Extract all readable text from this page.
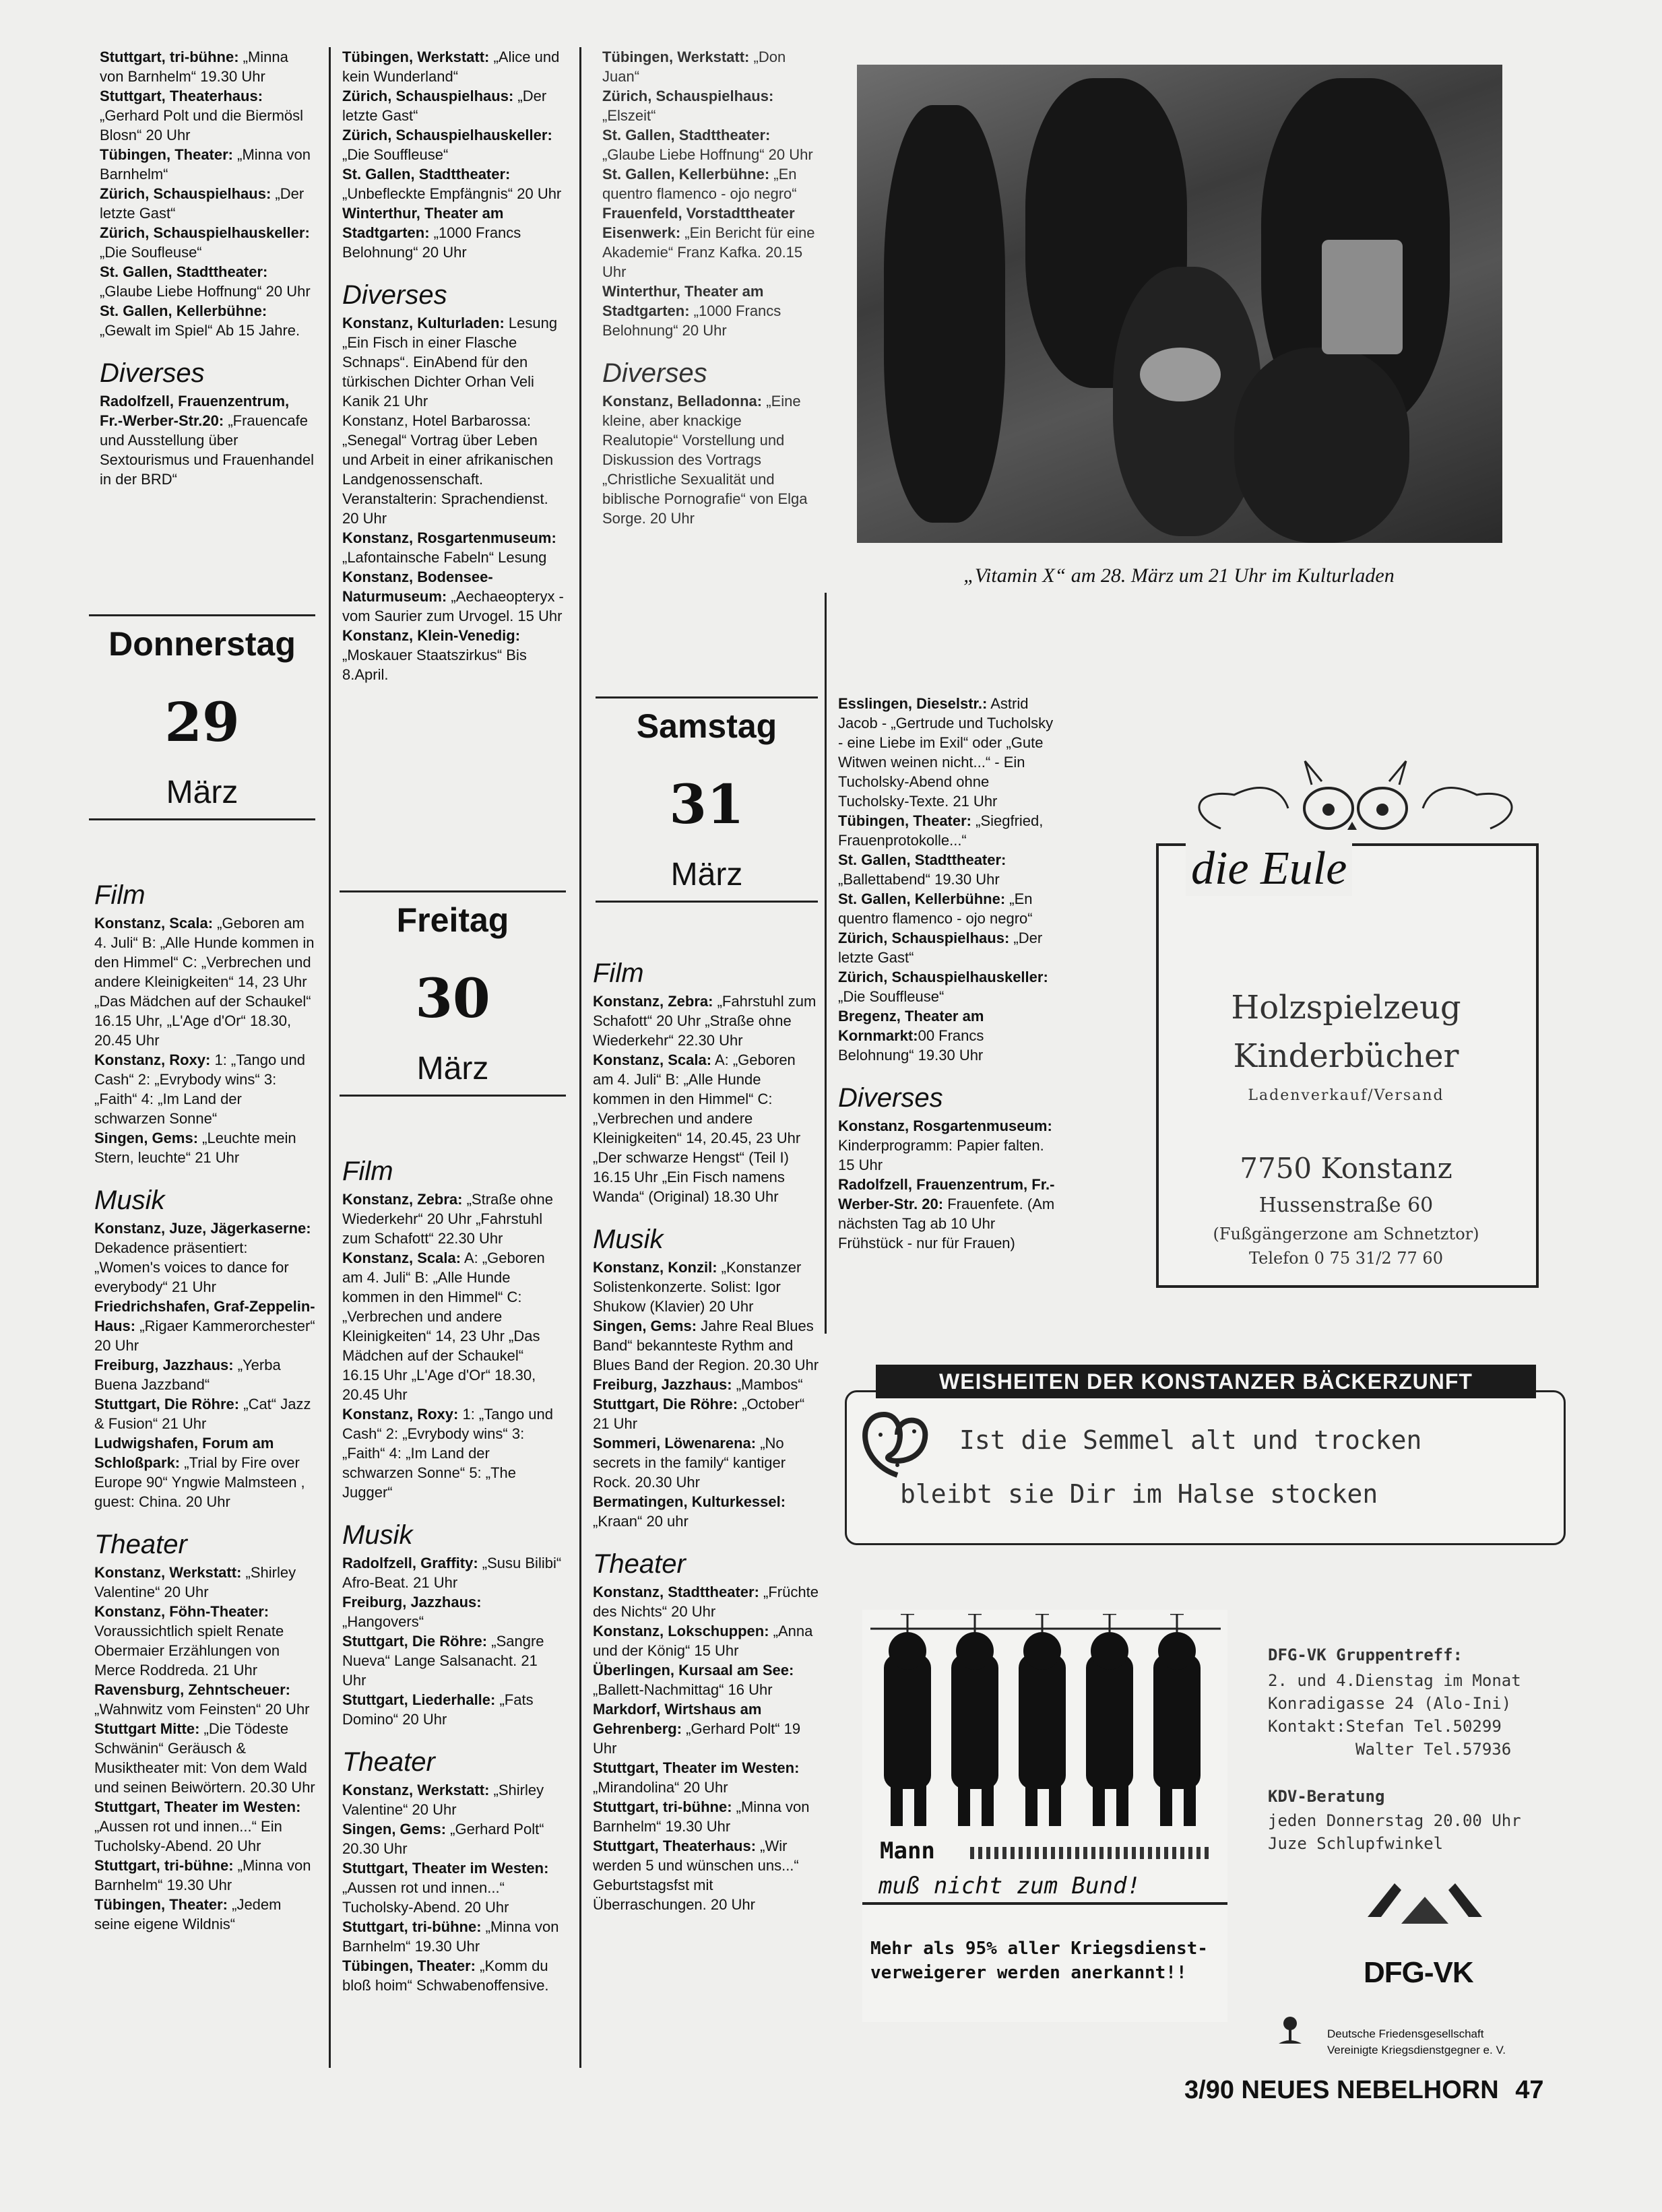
Stuttgart, tri-bühne: „Minna von Barnhelm“ 19.30 Uhr

Stuttgart, Theaterhaus: „Gerhard Polt und die Biermösl Blosn“ 20 Uhr

Tübingen, Theater: „Minna von Barnhelm“

Zürich, Schauspielhaus: „Der letzte Gast“

Zürich, Schauspielhauskeller: „Die Soufleuse“

St. Gallen, Stadttheater: „Glaube Liebe Hoffnung“ 20 Uhr

St. Gallen, Kellerbühne: „Gewalt im Spiel“ Ab 15 Jahre.

Diverses

Radolfzell, Frauenzentrum, Fr.-Werber-Str.20: „Frauencafe und Ausstellung über Sextourismus und Frauenhandel in der BRD“

Donnerstag
29
März
Film

Konstanz, Scala: „Geboren am 4. Juli“ B: „Alle Hunde kommen in den Himmel“ C: „Verbrechen und andere Kleinigkeiten“ 14, 23 Uhr „Das Mädchen auf der Schaukel“ 16.15 Uhr, „L'Age d'Or“ 18.30, 20.45 Uhr

Konstanz, Roxy: 1: „Tango und Cash“ 2: „Evrybody wins“ 3: „Faith“ 4: „Im Land der schwarzen Sonne“

Singen, Gems: „Leuchte mein Stern, leuchte“ 21 Uhr

Musik

Konstanz, Juze, Jägerkaserne: Dekadence präsentiert: „Women's voices to dance for everybody“ 21 Uhr

Friedrichshafen, Graf-Zeppelin-Haus: „Rigaer Kammerorchester“ 20 Uhr

Freiburg, Jazzhaus: „Yerba Buena Jazzband“

Stuttgart, Die Röhre: „Cat“ Jazz & Fusion“ 21 Uhr

Ludwigshafen, Forum am Schloßpark: „Trial by Fire over Europe 90“ Yngwie Malmsteen , guest: China. 20 Uhr

Theater

Konstanz, Werkstatt: „Shirley Valentine“ 20 Uhr

Konstanz, Föhn-Theater: Voraussichtlich spielt Renate Obermaier Erzählungen von Merce Roddreda. 21 Uhr

Ravensburg, Zehntscheuer: „Wahnwitz vom Feinsten“ 20 Uhr

Stuttgart Mitte: „Die Tödeste Schwänin“ Geräusch & Musiktheater mit: Von dem Wald und seinen Beiwörtern. 20.30 Uhr

Stuttgart, Theater im Westen: „Aussen rot und innen...“ Ein Tucholsky-Abend. 20 Uhr

Stuttgart, tri-bühne: „Minna von Barnhelm“ 19.30 Uhr

Tübingen, Theater: „Jedem seine eigene Wildnis“

Tübingen, Werkstatt: „Alice und kein Wunderland“

Zürich, Schauspielhaus: „Der letzte Gast“

Zürich, Schauspielhauskeller: „Die Souffleuse“

St. Gallen, Stadttheater: „Unbefleckte Empfängnis“ 20 Uhr

Winterthur, Theater am Stadtgarten: „1000 Francs Belohnung“ 20 Uhr

Diverses

Konstanz, Kulturladen: Lesung „Ein Fisch in einer Flasche Schnaps“. EinAbend für den türkischen Dichter Orhan Veli Kanik 21 Uhr

Konstanz, Hotel Barbarossa: „Senegal“ Vortrag über Leben und Arbeit in einer afrikanischen Landgenossenschaft. Veranstalterin: Sprachendienst. 20 Uhr

Konstanz, Rosgartenmuseum: „Lafontainsche Fabeln“ Lesung

Konstanz, Bodensee-Naturmuseum: „Aechaeopteryx - vom Saurier zum Urvogel. 15 Uhr

Konstanz, Klein-Venedig: „Moskauer Staatszirkus“ Bis 8.April.

Freitag
30
März
Film

Konstanz, Zebra: „Straße ohne Wiederkehr“ 20 Uhr „Fahrstuhl zum Schafott“ 22.30 Uhr

Konstanz, Scala: A: „Geboren am 4. Juli“ B: „Alle Hunde kommen in den Himmel“ C: „Verbrechen und andere Kleinigkeiten“ 14, 23 Uhr „Das Mädchen auf der Schaukel“ 16.15 Uhr „L'Age d'Or“ 18.30, 20.45 Uhr

Konstanz, Roxy: 1: „Tango und Cash“ 2: „Evrybody wins“ 3: „Faith“ 4: „Im Land der schwarzen Sonne“ 5: „The Jugger“

Musik

Radolfzell, Graffity: „Susu Bilibi“ Afro-Beat. 21 Uhr

Freiburg, Jazzhaus: „Hangovers“

Stuttgart, Die Röhre: „Sangre Nueva“ Lange Salsanacht. 21 Uhr

Stuttgart, Liederhalle: „Fats Domino“ 20 Uhr

Theater

Konstanz, Werkstatt: „Shirley Valentine“ 20 Uhr

Singen, Gems: „Gerhard Polt“ 20.30 Uhr

Stuttgart, Theater im Westen: „Aussen rot und innen...“ Tucholsky-Abend. 20 Uhr

Stuttgart, tri-bühne: „Minna von Barnhelm“ 19.30 Uhr

Tübingen, Theater: „Komm du bloß hoim“ Schwabenoffensive.

Tübingen, Werkstatt: „Don Juan“

Zürich, Schauspielhaus: „Elszeit“

St. Gallen, Stadttheater: „Glaube Liebe Hoffnung“ 20 Uhr

St. Gallen, Kellerbühne: „En quentro flamenco - ojo negro“

Frauenfeld, Vorstadttheater Eisenwerk: „Ein Bericht für eine Akademie“ Franz Kafka. 20.15 Uhr

Winterthur, Theater am Stadtgarten: „1000 Francs Belohnung“ 20 Uhr

Diverses

Konstanz, Belladonna: „Eine kleine, aber knackige Realutopie“ Vorstellung und Diskussion des Vortrags „Christliche Sexualität und biblische Pornografie“ von Elga Sorge. 20 Uhr

Samstag
31
März
Film

Konstanz, Zebra: „Fahrstuhl zum Schafott“ 20 Uhr „Straße ohne Wiederkehr“ 22.30 Uhr

Konstanz, Scala: A: „Geboren am 4. Juli“ B: „Alle Hunde kommen in den Himmel“ C: „Verbrechen und andere Kleinigkeiten“ 14, 20.45, 23 Uhr „Der schwarze Hengst“ (Teil I) 16.15 Uhr „Ein Fisch namens Wanda“ (Original) 18.30 Uhr

Musik

Konstanz, Konzil: „Konstanzer Solistenkonzerte. Solist: Igor Shukow (Klavier) 20 Uhr

Singen, Gems: Jahre Real Blues Band“ bekannteste Rythm and Blues Band der Region. 20.30 Uhr

Freiburg, Jazzhaus: „Mambos“

Stuttgart, Die Röhre: „October“ 21 Uhr

Sommeri, Löwenarena: „No secrets in the family“ kantiger Rock. 20.30 Uhr

Bermatingen, Kulturkessel: „Kraan“ 20 uhr

Theater

Konstanz, Stadttheater: „Früchte des Nichts“ 20 Uhr

Konstanz, Lokschuppen: „Anna und der König“ 15 Uhr

Überlingen, Kursaal am See: „Ballett-Nachmittag“ 16 Uhr

Markdorf, Wirtshaus am Gehrenberg: „Gerhard Polt“ 19 Uhr

Stuttgart, Theater im Westen: „Mirandolina“ 20 Uhr

Stuttgart, tri-bühne: „Minna von Barnhelm“ 19.30 Uhr

Stuttgart, Theaterhaus: „Wir werden 5 und wünschen uns...“ Geburtstagsfst mit Überraschungen. 20 Uhr

„Vitamin X“ am 28. März um 21 Uhr im Kulturladen
die Eule
Holzspielzeug
Kinderbücher
Ladenverkauf/Versand
7750 Konstanz
Hussenstraße 60
(Fußgängerzone am Schnetztor)
Telefon 0 75 31/2 77 60

Esslingen, Dieselstr.: Astrid Jacob - „Gertrude und Tucholsky - eine Liebe im Exil“ oder „Gute Witwen weinen nicht...“ - Ein Tucholsky-Abend ohne Tucholsky-Texte. 21 Uhr

Tübingen, Theater: „Siegfried, Frauenprotokolle...“

St. Gallen, Stadttheater: „Ballettabend“ 19.30 Uhr

St. Gallen, Kellerbühne: „En quentro flamenco - ojo negro“

Zürich, Schauspielhaus: „Der letzte Gast“

Zürich, Schauspielhauskeller: „Die Souffleuse“

Bregenz, Theater am Kornmarkt:00 Francs Belohnung“ 19.30 Uhr

Diverses

Konstanz, Rosgartenmuseum: Kinderprogramm: Papier falten. 15 Uhr

Radolfzell, Frauenzentrum, Fr.-Werber-Str. 20: Frauenfete. (Am nächsten Tag ab 10 Uhr Frühstück - nur für Frauen)

WEISHEITEN DER KONSTANZER BÄCKERZUNFT
Ist die Semmel alt und trocken
bleibt sie Dir im Halse stocken
Mann
muß nicht zum Bund!
Mehr als 95% aller Kriegsdienst-
verweigerer werden anerkannt!!
DFG-VK Gruppentreff:
2. und 4.Dienstag im Monat
Konradigasse 24 (Alo-Ini)
Kontakt:Stefan Tel.50299
Walter Tel.57936
KDV-Beratung
jeden Donnerstag 20.00 Uhr
Juze Schlupfwinkel
DFG-VK
Deutsche Friedensgesellschaft
Vereinigte Kriegsdienstgegner e. V.
3/90 NEUES NEBELHORN 47
